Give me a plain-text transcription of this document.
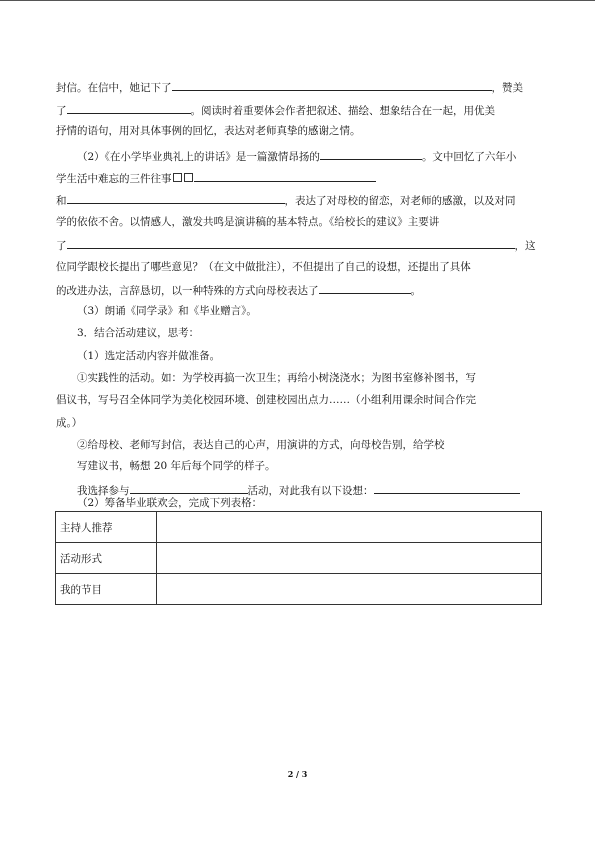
封信。在信中，她记下了	，赞美
了	。阅读时着重要体会作者把叙述、描绘、想象结合在一起，用优美
抒情的语句，用对具体事例的回忆，表达对老师真挚的感谢之情。
（2）《在小学毕业典礼上的讲话》是一篇激情昂扬的	。文中回忆了六年小
学生活中难忘的三件往事
和	，表达了对母校的留恋，对老师的感激，以及对同
学的依依不舍。以情感人，激发共鸣是演讲稿的基本特点。《给校长的建议》主要讲
了	，这
位同学跟校长提出了哪些意见？（在文中做批注），不但提出了自己的设想，还提出了具体
的改进办法，言辞恳切，以一种特殊的方式向母校表达了	。
（3）朗诵《同学录》和《毕业赠言》。
3．结合活动建议，思考：
（1）选定活动内容并做准备。
①实践性的活动。如：为学校再搞一次卫生；再给小树浇浇水；为图书室修补图书，写
倡议书，写号召全体同学为美化校园环境、创建校园出点力……（小组利用课余时间合作完
成。）
②给母校、老师写封信，表达自己的心声，用演讲的方式，向母校告别，给学校
写建议书，畅想 20 年后每个同学的样子。
我选择参与	活动，对此我有以下设想：
（2）筹备毕业联欢会，完成下列表格：
主持人推荐	
活动形式	
我的节目	
2 / 3
